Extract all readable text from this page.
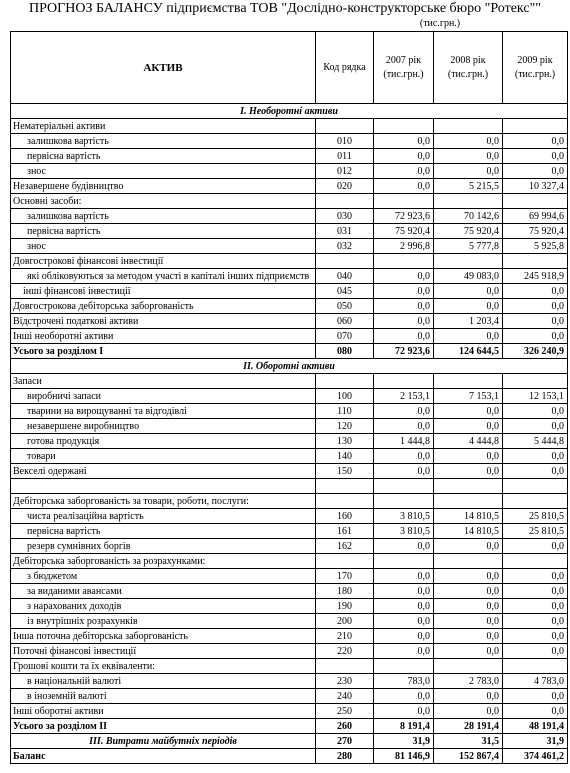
ПРОГНОЗ БАЛАНСУ підприємства ТОВ "Дослідно-конструкторське бюро "Ротекс""
(тис.грн.)
АКТИВ	Код рядка	2007 рік (тис.грн.)	2008 рік (тис.грн.)	2009 рік (тис.грн.)
I. Необоротні активи				
Нематеріальні активи				
залишкова вартість	010	0,0	0,0	0,0
первісна вартість	011	0,0	0,0	0,0
знос	012	0,0	0,0	0,0
Незавершене будівництво	020	0,0	5 215,5	10 327,4
Основні засоби:				
залишкова вартість	030	72 923,6	70 142,6	69 994,6
первісна вартість	031	75 920,4	75 920,4	75 920,4
знос	032	2 996,8	5 777,8	5 925,8
Довгострокові фінансові інвестиції				
які обліковуються за методом участі в капіталі інших підприємств	040	0,0	49 083,0	245 918,9
інші фінансові інвестиції	045	0,0	0,0	0,0
Довгострокова дебіторська заборгованість	050	0,0	0,0	0,0
Відстрочені податкові активи	060	0,0	1 203,4	0,0
Інші необоротні активи	070	0,0	0,0	0,0
Усього за розділом I	080	72 923,6	124 644,5	326 240,9
II. Оборотні активи				
Запаси				
виробничі запаси	100	2 153,1	7 153,1	12 153,1
тварини на вирощуванні та відгодівлі	110	0,0	0,0	0,0
незавершене виробництво	120	0,0	0,0	0,0
готова продукція	130	1 444,8	4 444,8	5 444,8
товари	140	0,0	0,0	0,0
Векселі одержані	150	0,0	0,0	0,0

Дебіторська заборгованість за товари, роботи, послуги:				
чиста реалізаційна вартість	160	3 810,5	14 810,5	25 810,5
первісна вартість	161	3 810,5	14 810,5	25 810,5
резерв сумнівних боргів	162	0,0	0,0	0,0
Дебіторська заборгованість за розрахунками:				
з бюджетом	170	0,0	0,0	0,0
за виданими авансами	180	0,0	0,0	0,0
з нарахованих доходів	190	0,0	0,0	0,0
із внутрішніх розрахунків	200	0,0	0,0	0,0
Інша поточна дебіторська заборгованість	210	0,0	0,0	0,0
Поточні фінансові інвестиції	220	0,0	0,0	0,0
Грошові кошти та їх еквіваленти:				
в національній валюті	230	783,0	2 783,0	4 783,0
в іноземній валюті	240	0,0	0,0	0,0
Інші оборотні активи	250	0,0	0,0	0,0
Усього за розділом II	260	8 191,4	28 191,4	48 191,4
III. Витрати майбутніх періодів	270	31,9	31,5	31,9
Баланс	280	81 146,9	152 867,4	374 461,2
